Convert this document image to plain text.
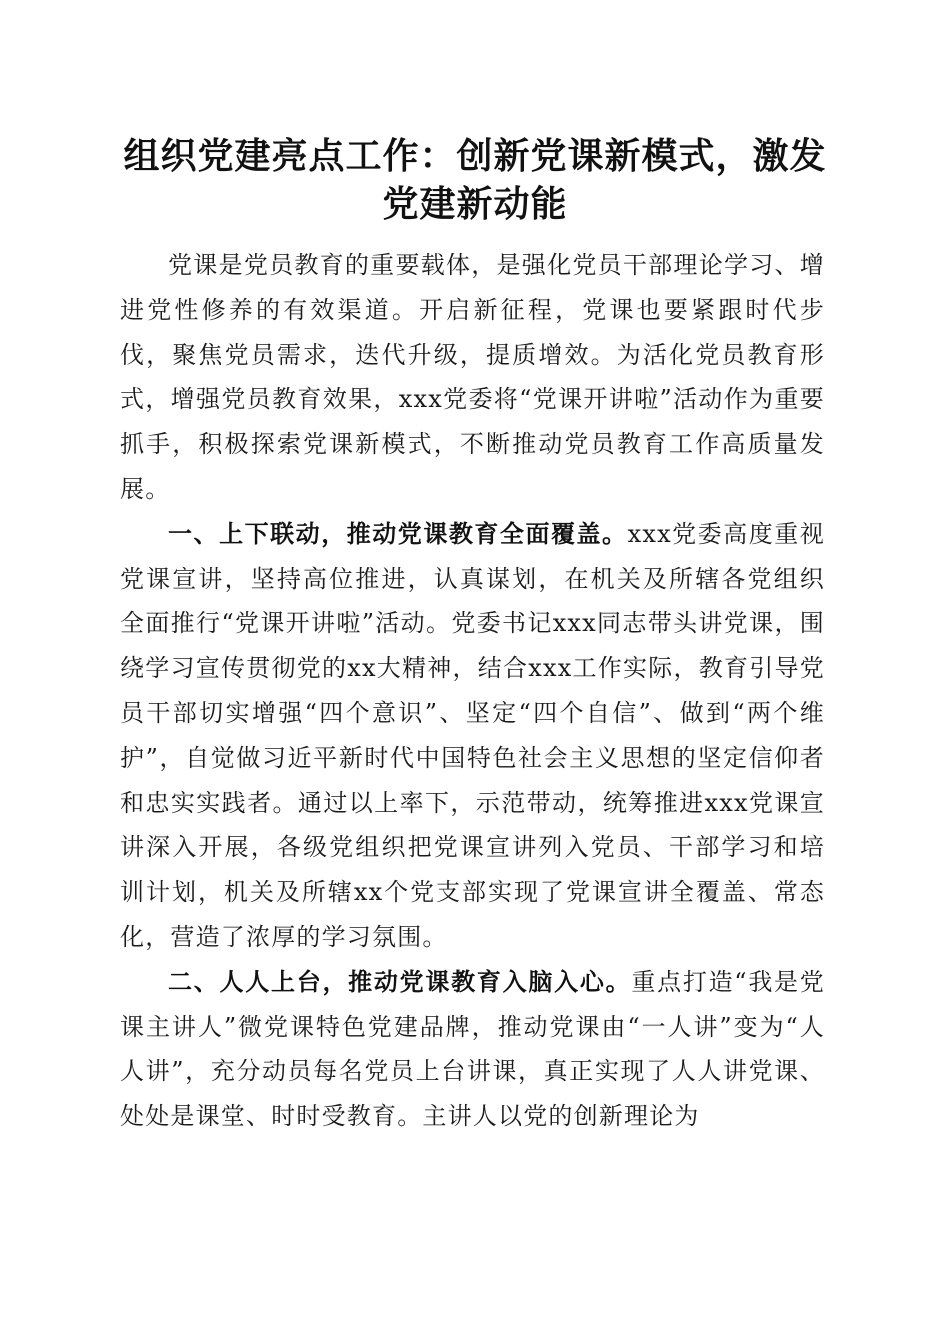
组织党建亮点工作：创新党课新模式，激发党建新动能

党课是党员教育的重要载体，是强化党员干部理论学习、增进党性修养的有效渠道。开启新征程，党课也要紧跟时代步伐，聚焦党员需求，迭代升级，提质增效。为活化党员教育形式，增强党员教育效果，xxx党委将“党课开讲啦”活动作为重要抓手，积极探索党课新模式，不断推动党员教育工作高质量发展。

一、上下联动，推动党课教育全面覆盖。xxx党委高度重视党课宣讲，坚持高位推进，认真谋划，在机关及所辖各党组织全面推行“党课开讲啦”活动。党委书记xxx同志带头讲党课，围绕学习宣传贯彻党的xx大精神，结合xxx工作实际，教育引导党员干部切实增强“四个意识”、坚定“四个自信”、做到“两个维护”，自觉做习近平新时代中国特色社会主义思想的坚定信仰者和忠实实践者。通过以上率下，示范带动，统筹推进xxx党课宣讲深入开展，各级党组织把党课宣讲列入党员、干部学习和培训计划，机关及所辖xx个党支部实现了党课宣讲全覆盖、常态化，营造了浓厚的学习氛围。

二、人人上台，推动党课教育入脑入心。重点打造“我是党课主讲人”微党课特色党建品牌，推动党课由“一人讲”变为“人人讲”，充分动员每名党员上台讲课，真正实现了人人讲党课、处处是课堂、时时受教育。主讲人以党的创新理论为
